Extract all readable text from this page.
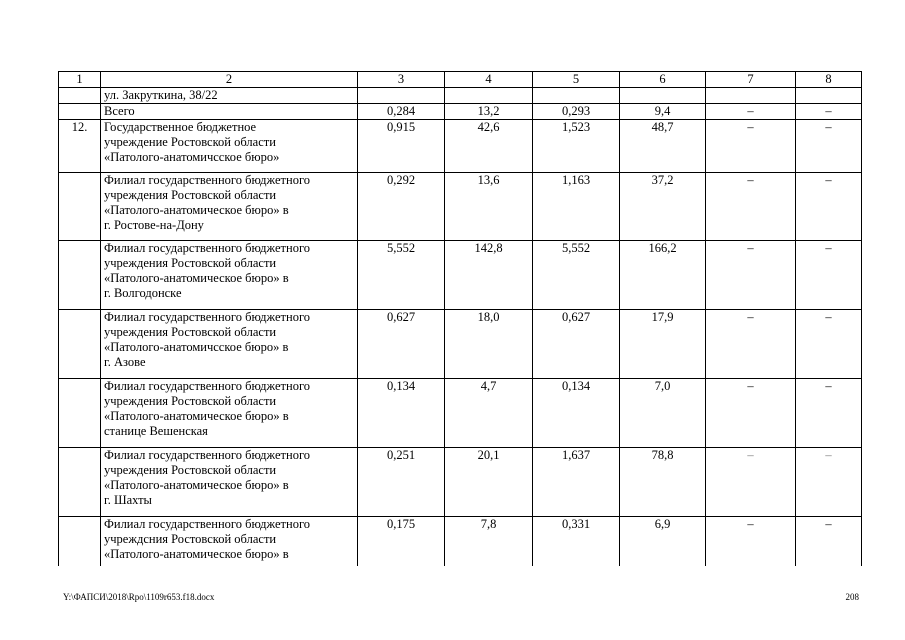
1	2	3	4	5	6	7	8

	ул. Закруткина, 38/22						

	Всего	0,284	13,2	0,293	9,4	–	–
12.	Государственное бюджетное
учреждение Ростовской области
«Патолого-анатомичсское бюро»	0,915	42,6	1,523	48,7	–	–

	Филиал государственного бюджетного
учреждения Ростовской области
«Патолого-анатомическое бюро» в
г. Ростове-на-Дону	0,292	13,6	1,163	37,2	–	–

	Филиал государственного бюджетного
учреждения Ростовской области
«Патолого-анатомическое бюро» в
г. Волгодонске	5,552	142,8	5,552	166,2	–	–

	Филиал государственного бюджетного
учреждения Ростовской области
«Патолого-анатомичсское бюро» в
г. Азове	0,627	18,0	0,627	17,9	–	–

	Филиал государственного бюджетного
учреждения Ростовской области
«Патолого-анатомическое бюро» в
станице Вешенская	0,134	4,7	0,134	7,0	–	–

	Филиал государственного бюджетного
учреждения Ростовской области
«Патолого-анатомическое бюро» в
г. Шахты	0,251	20,1	1,637	78,8	–	–

	Филиал государственного бюджетного
учреждсния Ростовской области
«Патолого-анатомическое бюро» в	0,175	7,8	0,331	6,9	–	–
Y:\ФАПСИ\2018\Rpo\1109r653.f18.docx	208
